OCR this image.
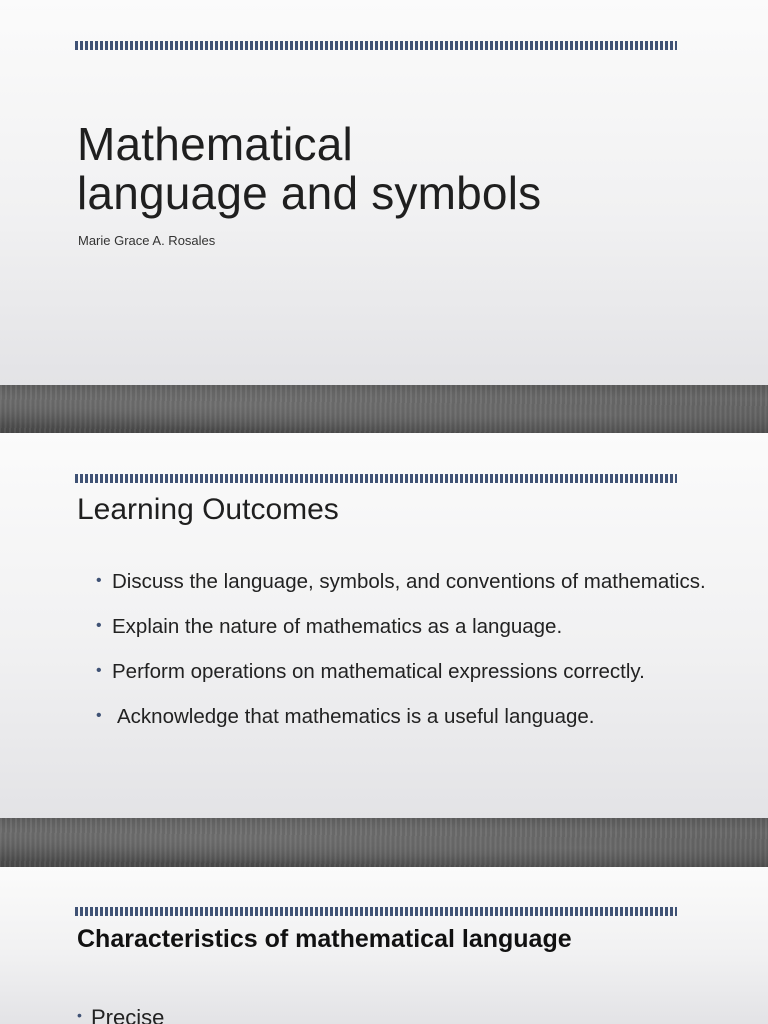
Mathematical
language and symbols
Marie Grace A. Rosales
Learning Outcomes
• Discuss the language, symbols, and conventions of mathematics.
• Explain the nature of mathematics as a language.
• Perform operations on mathematical expressions correctly.
• Acknowledge that mathematics is a useful language.
Characteristics of mathematical language
• Precise
